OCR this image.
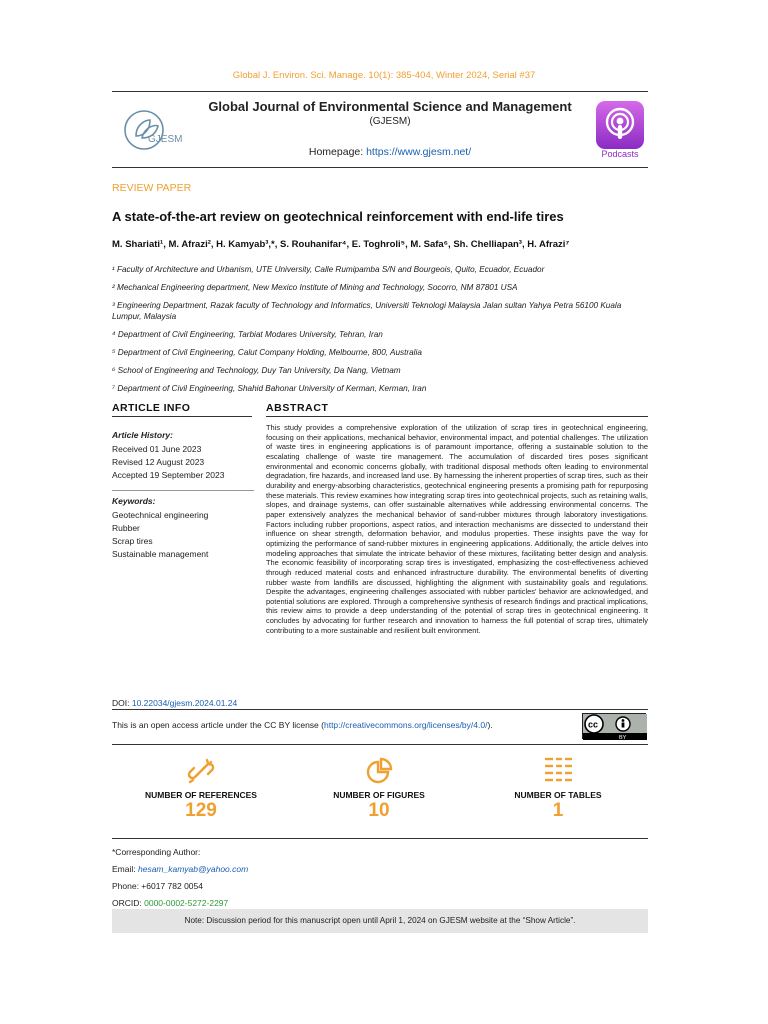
Global J. Environ. Sci. Manage. 10(1): 385-404, Winter 2024, Serial #37
GJESM
Global Journal of Environmental Science and Management
(GJESM)
Homepage: https://www.gjesm.net/	Podcasts
REVIEW PAPER
A state-of-the-art review on geotechnical reinforcement with end-life tires
M. Shariati¹, M. Afrazi², H. Kamyab³,*, S. Rouhanifar⁴, E. Toghroli⁵, M. Safa⁶, Sh. Chelliapan³, H. Afrazi⁷
¹ Faculty of Architecture and Urbanism, UTE University, Calle Rumipamba S/N and Bourgeois, Quito, Ecuador, Ecuador
² Mechanical Engineering department, New Mexico Institute of Mining and Technology, Socorro, NM 87801 USA
³ Engineering Department, Razak faculty of Technology and Informatics, Universiti Teknologi Malaysia Jalan sultan Yahya Petra 56100 Kuala Lumpur, Malaysia
⁴ Department of Civil Engineering, Tarbiat Modares University, Tehran, Iran
⁵ Department of Civil Engineering, Calut Company Holding, Melbourne, 800, Australia
⁶ School of Engineering and Technology, Duy Tan University, Da Nang, Vietnam
⁷ Department of Civil Engineering, Shahid Bahonar University of Kerman, Kerman, Iran
ARTICLE INFO	ABSTRACT
Article History:
Received 01 June 2023
Revised 12 August 2023
Accepted 19 September 2023
Keywords:
Geotechnical engineering
Rubber
Scrap tires
Sustainable management
This study provides a comprehensive exploration of the utilization of scrap tires in geotechnical engineering, focusing on their applications, mechanical behavior, environmental impact, and potential challenges. The utilization of waste tires in engineering applications is of paramount importance, offering a sustainable solution to the escalating challenge of waste tire management. The accumulation of discarded tires poses significant environmental and economic concerns globally, with traditional disposal methods often leading to environmental degradation, fire hazards, and increased land use. By harnessing the inherent properties of scrap tires, such as their durability and energy-absorbing characteristics, geotechnical engineering presents a promising path for repurposing these materials. This review examines how integrating scrap tires into geotechnical projects, such as retaining walls, slopes, and drainage systems, can offer sustainable alternatives while addressing environmental concerns. The paper extensively analyzes the mechanical behavior of sand-rubber mixtures through laboratory investigations. Factors including rubber proportions, aspect ratios, and interaction mechanisms are dissected to understand their influence on shear strength, deformation behavior, and modulus properties. These insights pave the way for optimizing the performance of sand-rubber mixtures in engineering applications. Additionally, the article delves into modeling approaches that simulate the intricate behavior of these mixtures, facilitating better design and analysis. The economic feasibility of incorporating scrap tires is investigated, emphasizing the cost-effectiveness achieved through reduced material costs and enhanced infrastructure durability. The environmental benefits of diverting rubber waste from landfills are discussed, highlighting the alignment with sustainability goals and regulations. Despite the advantages, engineering challenges associated with rubber particles' behavior are acknowledged, and potential solutions are explored. Through a comprehensive synthesis of research findings and practical implications, this review aims to provide a deep understanding of the potential of scrap tires in geotechnical engineering. It concludes by advocating for further research and innovation to harness the full potential of scrap tires, ultimately contributing to a more sustainable and resilient built environment.
DOI: 10.22034/gjesm.2024.01.24
This is an open access article under the CC BY license (http://creativecommons.org/licenses/by/4.0/).	cc
BY
NUMBER OF REFERENCES
129
NUMBER OF FIGURES
10
NUMBER OF TABLES
1
*Corresponding Author:
Email: hesam_kamyab@yahoo.com
Phone: +6017 782 0054
ORCID: 0000-0002-5272-2297
Note: Discussion period for this manuscript open until April 1, 2024 on GJESM website at the “Show Article”.
